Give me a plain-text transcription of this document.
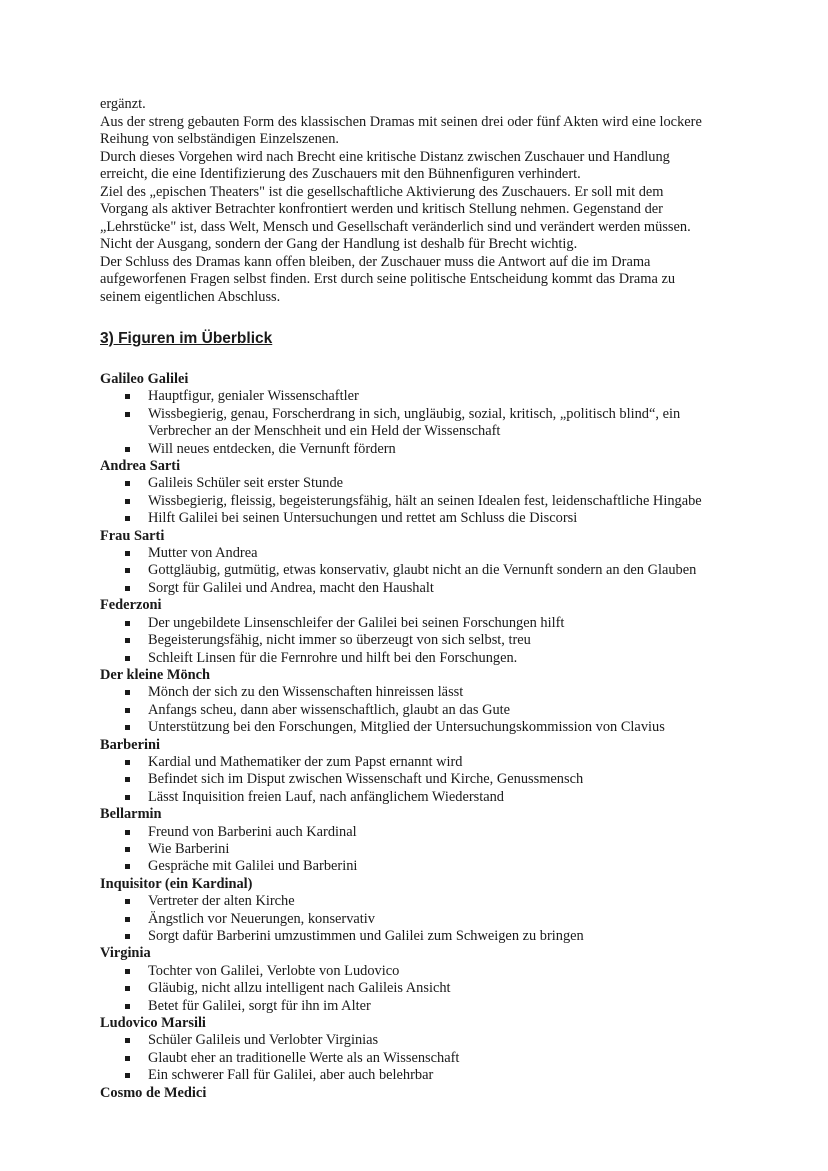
ergänzt.

Aus der streng gebauten Form des klassischen Dramas mit seinen drei oder fünf Akten wird eine lockere Reihung von selbständigen Einzelszenen.

Durch dieses Vorgehen wird nach Brecht eine kritische Distanz zwischen Zuschauer und Handlung erreicht, die eine Identifizierung des Zuschauers mit den Bühnenfiguren verhindert.

Ziel des „epischen Theaters" ist die gesellschaftliche Aktivierung des Zuschauers. Er soll mit dem Vorgang als aktiver Betrachter konfrontiert werden und kritisch Stellung nehmen. Gegenstand der „Lehrstücke" ist, dass Welt, Mensch und Gesellschaft veränderlich sind und verändert werden müssen. Nicht der Ausgang, sondern der Gang der Handlung ist deshalb für Brecht wichtig.

Der Schluss des Dramas kann offen bleiben, der Zuschauer muss die Antwort auf die im Drama aufgeworfenen Fragen selbst finden. Erst durch seine politische Entscheidung kommt das Drama zu seinem eigentlichen Abschluss.

3) Figuren im Überblick

Galileo Galilei

Hauptfigur, genialer Wissenschaftler
Wissbegierig, genau, Forscherdrang in sich, ungläubig, sozial, kritisch, „politisch blind“, ein Verbrecher an der Menschheit und ein Held der Wissenschaft
Will neues entdecken, die Vernunft fördern

Andrea Sarti

Galileis Schüler seit erster Stunde
Wissbegierig, fleissig, begeisterungsfähig, hält an seinen Idealen fest, leidenschaftliche Hingabe
Hilft Galilei bei seinen Untersuchungen und rettet am Schluss die Discorsi

Frau Sarti

Mutter von Andrea
Gottgläubig, gutmütig, etwas konservativ, glaubt nicht an die Vernunft sondern an den Glauben
Sorgt für Galilei und Andrea, macht den Haushalt

Federzoni

Der ungebildete Linsenschleifer der Galilei bei seinen Forschungen hilft
Begeisterungsfähig, nicht immer so überzeugt von sich selbst, treu
Schleift Linsen für die Fernrohre und hilft bei den Forschungen.

Der kleine Mönch

Mönch der sich zu den Wissenschaften hinreissen lässt
Anfangs scheu, dann aber wissenschaftlich, glaubt an das Gute
Unterstützung bei den Forschungen, Mitglied der Untersuchungskommission von Clavius

Barberini

Kardial und Mathematiker der zum Papst ernannt wird
Befindet sich im Disput zwischen Wissenschaft und Kirche, Genussmensch
Lässt Inquisition freien Lauf, nach anfänglichem Wiederstand

Bellarmin

Freund von Barberini auch Kardinal
Wie Barberini
Gespräche mit Galilei und Barberini

Inquisitor (ein Kardinal)

Vertreter der alten Kirche
Ängstlich vor Neuerungen, konservativ
Sorgt dafür Barberini umzustimmen und Galilei zum Schweigen zu bringen

Virginia

Tochter von Galilei, Verlobte von Ludovico
Gläubig, nicht allzu intelligent nach Galileis Ansicht
Betet für Galilei, sorgt für ihn im Alter

Ludovico Marsili

Schüler Galileis und Verlobter Virginias
Glaubt eher an traditionelle Werte als an Wissenschaft
Ein schwerer Fall für Galilei, aber auch belehrbar

Cosmo de Medici
